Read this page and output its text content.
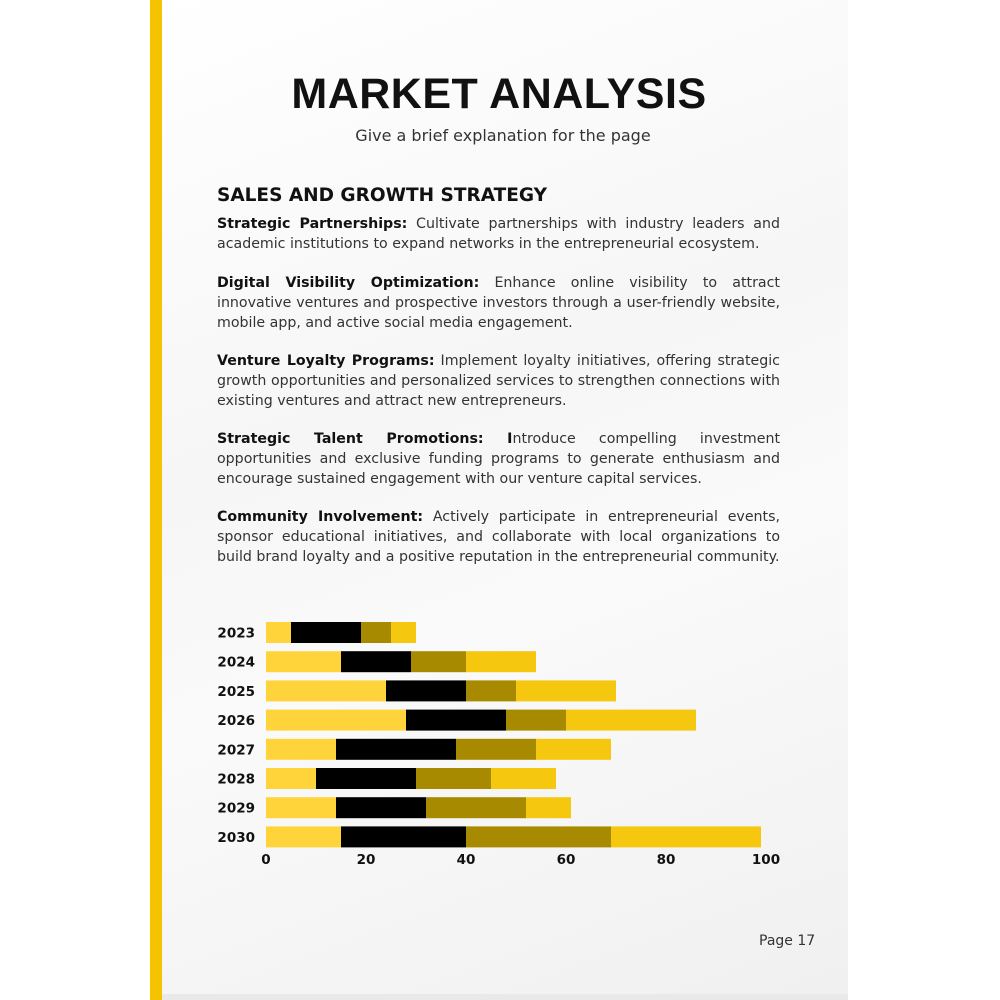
MARKET ANALYSIS
Give a brief explanation for the page
SALES AND GROWTH STRATEGY

Strategic Partnerships: Cultivate partnerships with industry leaders and academic institutions to expand networks in the entrepreneurial ecosystem.

Digital Visibility Optimization: Enhance online visibility to attract innovative ventures and prospective investors through a user-friendly website, mobile app, and active social media engagement.

Venture Loyalty Programs: Implement loyalty initiatives, offering strategic growth opportunities and personalized services to strengthen connections with existing ventures and attract new entrepreneurs.

Strategic Talent Promotions: Introduce compelling investment opportunities and exclusive funding programs to generate enthusiasm and encourage sustained engagement with our venture capital services.

Community Involvement: Actively participate in entrepreneurial events, sponsor educational initiatives, and collaborate with local organizations to build brand loyalty and a positive reputation in the entrepreneurial community.

2023
2024
2025
2026
2027
2028
2029
2030
0	20	40	60	80	100
Page 17
